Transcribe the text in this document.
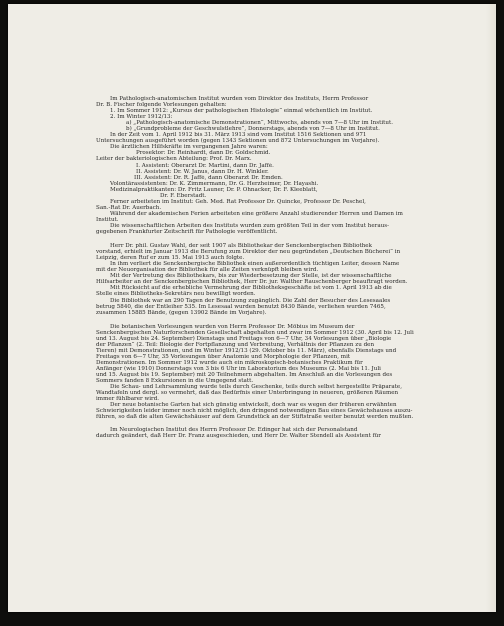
Im Pathologisch-anatomischen Institut wurden vom Direktor des Instituts, Herrn Professor
Dr. B. Fischer folgende Vorlesungen gehalten:
1. Im Sommer 1912: „Kursus der pathologischen Histologie“ einmal wöchentlich im Institut.
2. Im Winter 1912/13:
a) „Pathologisch-anatomische Demonstrationen“, Mittwochs, abends von 7—8 Uhr im Institut.
b) „Grundprobleme der Geschwulstlehre“, Donnerstags, abends von 7—8 Uhr im Institut.
In der Zeit vom 1. April 1912 bis 31. März 1913 sind vom Institut 1516 Sektionen und 971
Untersuchungen ausgeführt worden (gegen 1343 Sektionen und 872 Untersuchungen im Vorjahre).
Die ärztlichen Hilfskräfte im vergangenen Jahre waren:
Prosektor: Dr. Reinhardt, dann Dr. Goldschmid.
Leiter der bakteriologischen Abteilung: Prof. Dr. Marx.
I. Assistent: Oberarzt Dr. Martini, dann Dr. Jaffé.
II. Assistent: Dr. W. Janus, dann Dr. H. Winkler.
III. Assistent: Dr. R. Jaffé, dann Oberarzt Dr. Emden.
Volontärassistenten: Dr. K. Zimmermann, Dr. G. Herzheimer, Dr. Hayashi.
Medizinalpraktikanten: Dr. Fritz Launer, Dr. P. Ohnacker, Dr. F. Kleeblatt,
Dr. F. Eberstadt.
Ferner arbeiteten im Institut: Geh. Med. Rat Professor Dr. Quincke, Professor Dr. Peschel,
San.-Rat Dr. Auerbach.
Während der akademischen Ferien arbeiteten eine größere Anzahl studierender Herren und Damen im
Institut.
Die wissenschaftlichen Arbeiten des Instituts wurden zum größten Teil in der vom Institut heraus-
gegebenen Frankfurter Zeitschrift für Pathologie veröffentlicht.
Herr Dr. phil. Gustav Wahl, der seit 1907 als Bibliothekar der Senckenbergischen Bibliothek
vorstand, erhielt im Januar 1913 die Berufung zum Direktor der neu gegründeten „Deutschen Bücherei“ in
Leipzig, deren Ruf er zum 15. Mai 1913 auch folgte.
In ihm verliert die Senckenbergische Bibliothek einen außerordentlich tüchtigen Leiter, dessen Name
mit der Neuorganisation der Bibliothek für alle Zeiten verknüpft bleiben wird.
Mit der Vertretung des Bibliothekars, bis zur Wiederbesetzung der Stelle, ist der wissenschaftliche
Hilfsarbeiter an der Senckenbergischen Bibliothek, Herr Dr. jur. Walther Rauschenberger beauftragt worden.
Mit Rücksicht auf die erhebliche Vermehrung der Bibliotheksgeschäfte ist vom 1. April 1913 ab die
Stelle eines Bibliotheks-Sekretärs neu bewilligt worden.
Die Bibliothek war an 290 Tagen der Benutzung zugänglich. Die Zahl der Besucher des Lesesaales
betrug 5840, die der Entleiher 535. Im Lesesaal wurden benutzt 8430 Bände, verliehen wurden 7465,
zusammen 15885 Bände, (gegen 13902 Bände im Vorjahre).
Die botanischen Vorlesungen wurden von Herrn Professor Dr. Möbius im Museum der
Senckenbergischen Naturforschenden Gesellschaft abgehalten und zwar im Sommer 1912 (30. April bis 12. Juli
und 13. August bis 24. September) Dienstags und Freitags von 6—7 Uhr, 34 Vorlesungen über „Biologie
der Pflanzen“ (2. Teil: Biologie der Fortpflanzung und Verbreitung, Verhältnis der Pflanzen zu den
Tieren) mit Demonstrationen, und im Winter 1912/13 (29. Oktober bis 11. März), ebenfalls Dienstags und
Freitags von 6—7 Uhr, 35 Vorlesungen über Anatomie und Morphologie der Pflanzen, mit
Demonstrationen. Im Sommer 1912 wurde auch ein mikroskopisch-botanisches Praktikum für
Anfänger (wie 1910) Donnerstags von 3 bis 6 Uhr im Laboratorium des Museums (2. Mai bis 11. Juli
und 15. August bis 19. September) mit 20 Teilnehmern abgehalten. Im Anschluß an die Vorlesungen des
Sommers fanden 8 Exkursionen in die Umgegend statt.
Die Schau- und Lehrsammlung wurde teils durch Geschenke, teils durch selbst hergestellte Präparate,
Wandtafeln und dergl. so vermehrt, daß das Bedürfnis einer Unterbringung in neueren, größeren Räumen
immer fühlbarer wird.
Der neue botanische Garten hat sich günstig entwickelt, doch war es wegen der früheren erwähnten
Schwierigkeiten leider immer noch nicht möglich, den dringend notwendigen Bau eines Gewächshauses auszu-
führen, so daß die alten Gewächshäuser auf dem Grundstück an der Stiftstraße weiter benutzt werden mußten.
Im Neurologischen Institut des Herrn Professor Dr. Edinger hat sich der Personalstand
dadurch geändert, daß Herr Dr. Franz ausgeschieden, und Herr Dr. Walter Stendell als Assistent für
